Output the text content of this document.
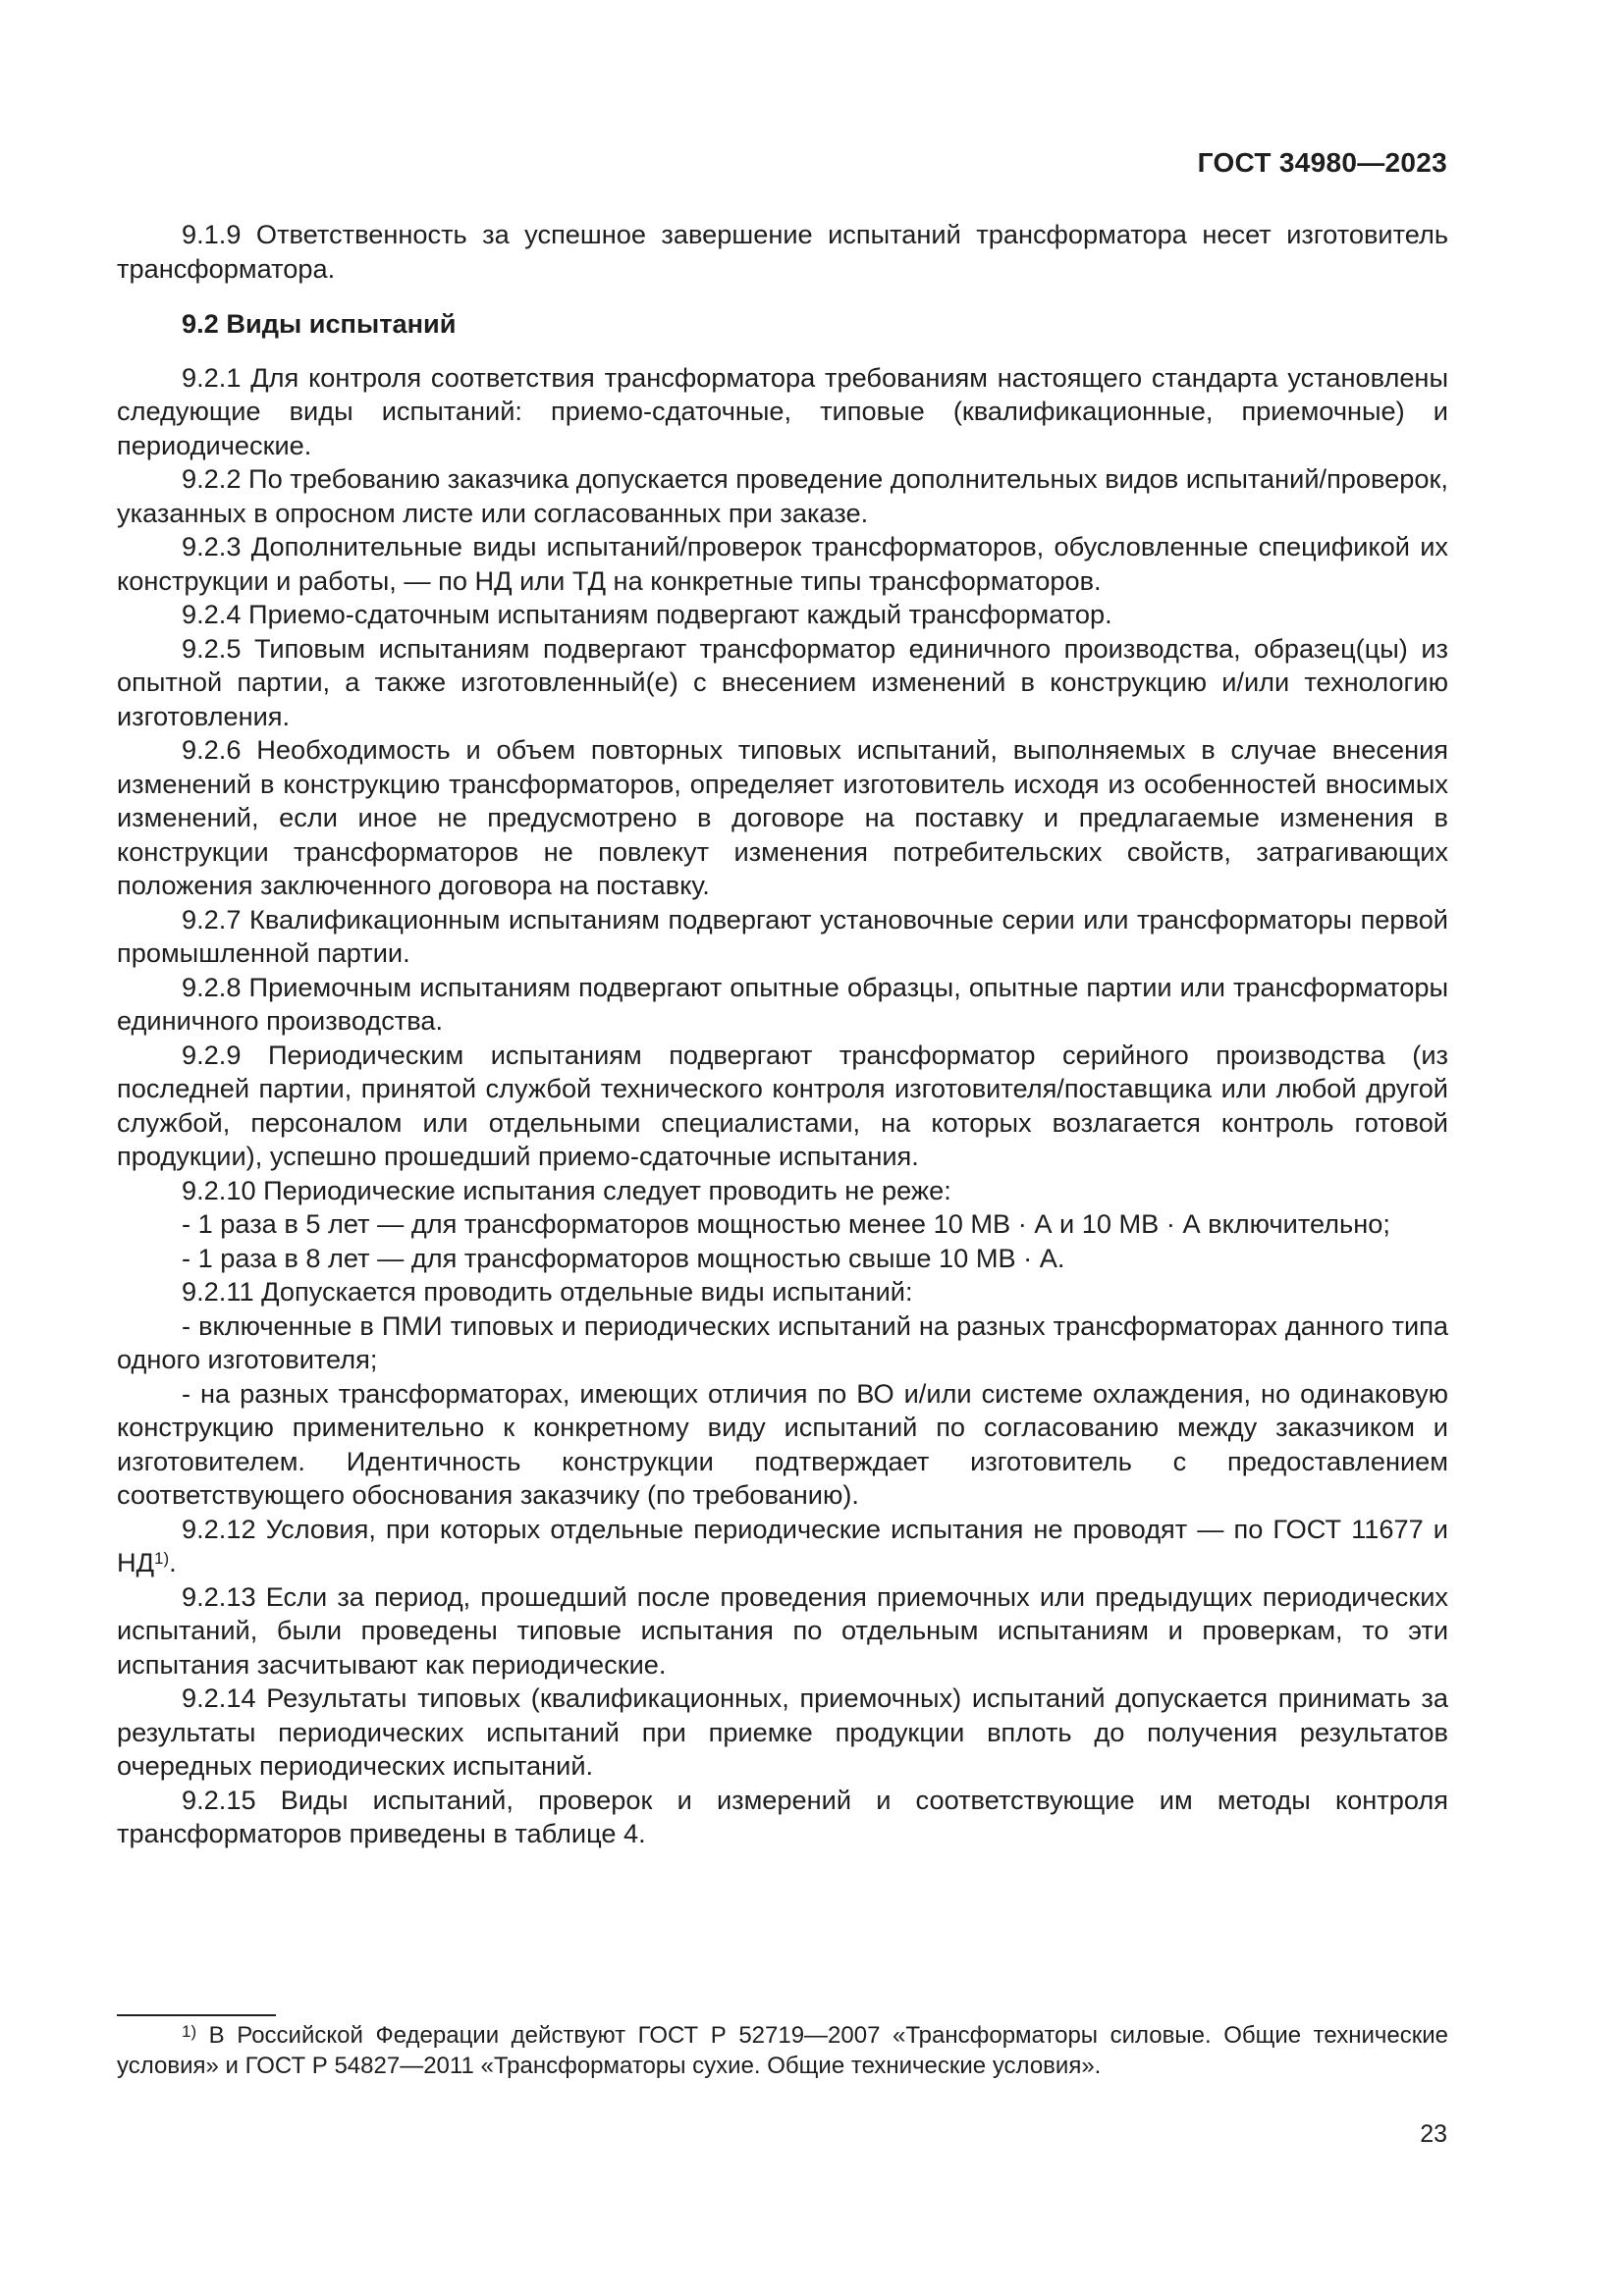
ГОСТ 34980—2023

9.1.9 Ответственность за успешное завершение испытаний трансформатора несет изготовитель трансформатора.

9.2 Виды испытаний

9.2.1 Для контроля соответствия трансформатора требованиям настоящего стандарта установлены следующие виды испытаний: приемо-сдаточные, типовые (квалификационные, приемочные) и периодические.

9.2.2 По требованию заказчика допускается проведение дополнительных видов испытаний/проверок, указанных в опросном листе или согласованных при заказе.

9.2.3 Дополнительные виды испытаний/проверок трансформаторов, обусловленные спецификой их конструкции и работы, — по НД или ТД на конкретные типы трансформаторов.

9.2.4 Приемо-сдаточным испытаниям подвергают каждый трансформатор.

9.2.5 Типовым испытаниям подвергают трансформатор единичного производства, образец(цы) из опытной партии, а также изготовленный(е) с внесением изменений в конструкцию и/или технологию изготовления.

9.2.6 Необходимость и объем повторных типовых испытаний, выполняемых в случае внесения изменений в конструкцию трансформаторов, определяет изготовитель исходя из особенностей вносимых изменений, если иное не предусмотрено в договоре на поставку и предлагаемые изменения в конструкции трансформаторов не повлекут изменения потребительских свойств, затрагивающих положения заключенного договора на поставку.

9.2.7 Квалификационным испытаниям подвергают установочные серии или трансформаторы первой промышленной партии.

9.2.8 Приемочным испытаниям подвергают опытные образцы, опытные партии или трансформаторы единичного производства.

9.2.9 Периодическим испытаниям подвергают трансформатор серийного производства (из последней партии, принятой службой технического контроля изготовителя/поставщика или любой другой службой, персоналом или отдельными специалистами, на которых возлагается контроль готовой продукции), успешно прошедший приемо-сдаточные испытания.

9.2.10 Периодические испытания следует проводить не реже:

- 1 раза в 5 лет — для трансформаторов мощностью менее 10 МВ · А и 10 МВ · А включительно;

- 1 раза в 8 лет — для трансформаторов мощностью свыше 10 МВ · А.

9.2.11 Допускается проводить отдельные виды испытаний:

- включенные в ПМИ типовых и периодических испытаний на разных трансформаторах данного типа одного изготовителя;

- на разных трансформаторах, имеющих отличия по ВО и/или системе охлаждения, но одинаковую конструкцию применительно к конкретному виду испытаний по согласованию между заказчиком и изготовителем. Идентичность конструкции подтверждает изготовитель с предоставлением соответствующего обоснования заказчику (по требованию).

9.2.12 Условия, при которых отдельные периодические испытания не проводят — по ГОСТ 11677 и НД$^{1)}$.

9.2.13 Если за период, прошедший после проведения приемочных или предыдущих периодических испытаний, были проведены типовые испытания по отдельным испытаниям и проверкам, то эти испытания засчитывают как периодические.

9.2.14 Результаты типовых (квалификационных, приемочных) испытаний допускается принимать за результаты периодических испытаний при приемке продукции вплоть до получения результатов очередных периодических испытаний.

9.2.15 Виды испытаний, проверок и измерений и соответствующие им методы контроля трансформаторов приведены в таблице 4.

$^{1)}$ В Российской Федерации действуют ГОСТ Р 52719—2007 «Трансформаторы силовые. Общие технические условия» и ГОСТ Р 54827—2011 «Трансформаторы сухие. Общие технические условия».

23
